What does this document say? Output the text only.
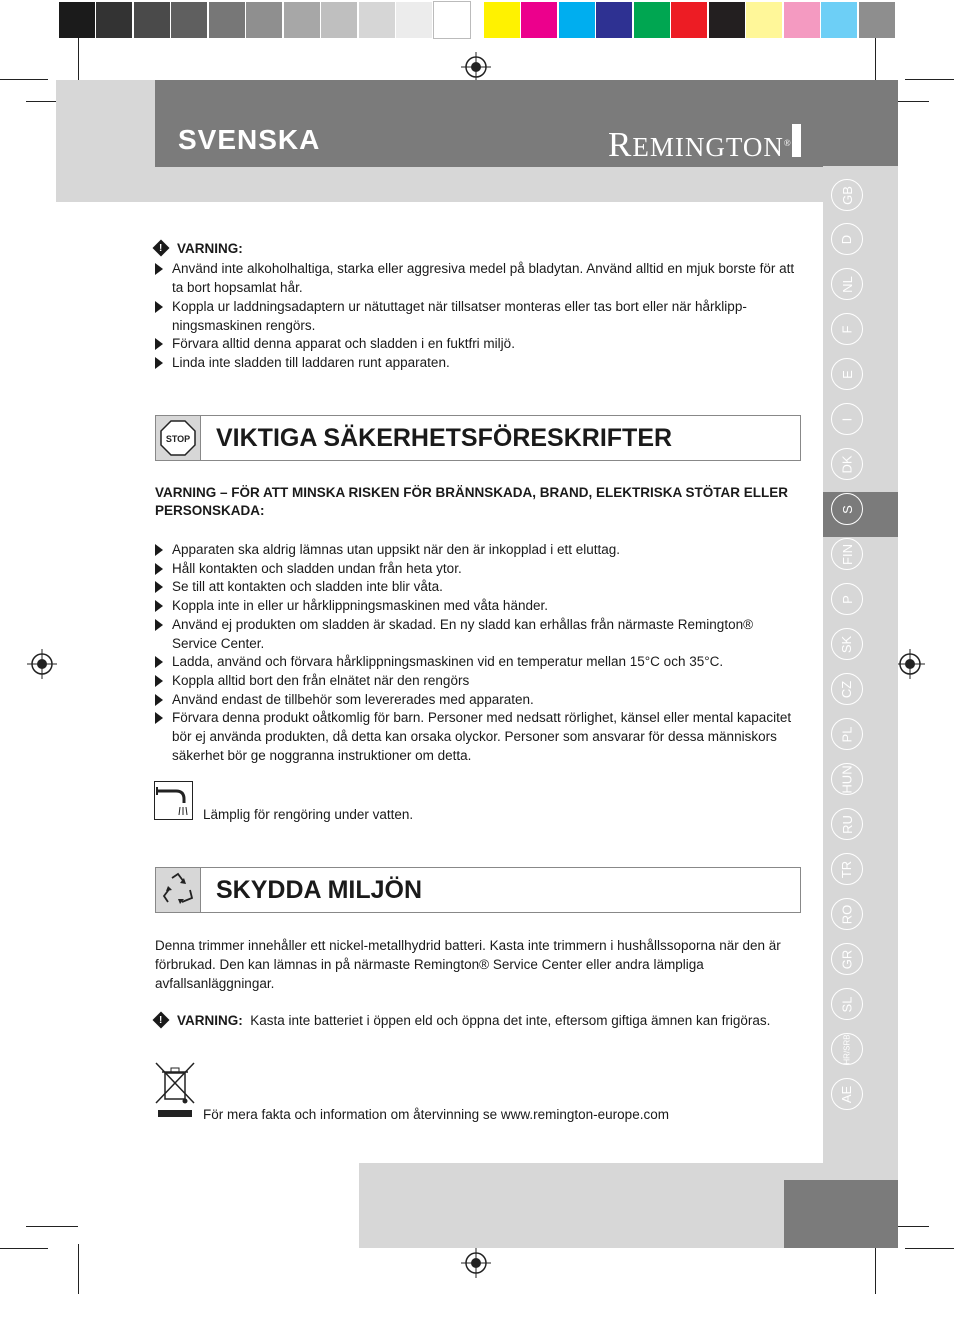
SVENSKA	REMINGTON®
GB
D
NL
F
E
I
DK
S
FIN
P
SK
CZ
PL
HUN
RU
TR
RO
GR
SL
HR/SRB
AE
!VARNING:
Använd inte alkoholhaltiga, starka eller aggresiva medel på bladytan. Använd alltid en mjuk borste för att ta bort hopsamlat hår.
Koppla ur laddningsadaptern ur nätuttaget när tillsatser monteras eller tas bort eller när hårklipp-ningsmaskinen rengörs.
Förvara alltid denna apparat och sladden i en fuktfri miljö.
Linda inte sladden till laddaren runt apparaten.
STOP VIKTIGA SÄKERHETSFÖRESKRIFTER
VARNING – FÖR ATT MINSKA RISKEN FÖR BRÄNNSKADA, BRAND, ELEKTRISKA STÖTAR ELLER PERSONSKADA:
Apparaten ska aldrig lämnas utan uppsikt när den är inkopplad i ett eluttag.
Håll kontakten och sladden undan från heta ytor.
Se till att kontakten och sladden inte blir våta.
Koppla inte in eller ur hårklippningsmaskinen med våta händer.
Använd ej produkten om sladden är skadad. En ny sladd kan erhållas från närmaste Remington® Service Center.
Ladda, använd och förvara hårklippningsmaskinen vid en temperatur mellan 15°C och 35°C.
Koppla alltid bort den från elnätet när den rengörs
Använd endast de tillbehör som levererades med apparaten.
Förvara denna produkt oåtkomlig för barn. Personer med nedsatt rörlighet, känsel eller mental kapacitet bör ej använda produkten, då detta kan orsaka olyckor. Personer som ansvarar för dessa människors säkerhet bör ge noggranna instruktioner om detta.
Lämplig för rengöring under vatten.
SKYDDA MILJÖN
Denna trimmer innehåller ett nickel-metallhydrid batteri. Kasta inte trimmern i hushållssoporna när den är förbrukad. Den kan lämnas in på närmaste Remington® Service Center eller andra lämpliga avfallsanläggningar.
!VARNING: Kasta inte batteriet i öppen eld och öppna det inte, eftersom giftiga ämnen kan frigöras.
För mera fakta och information om återvinning se www.remington-europe.com
